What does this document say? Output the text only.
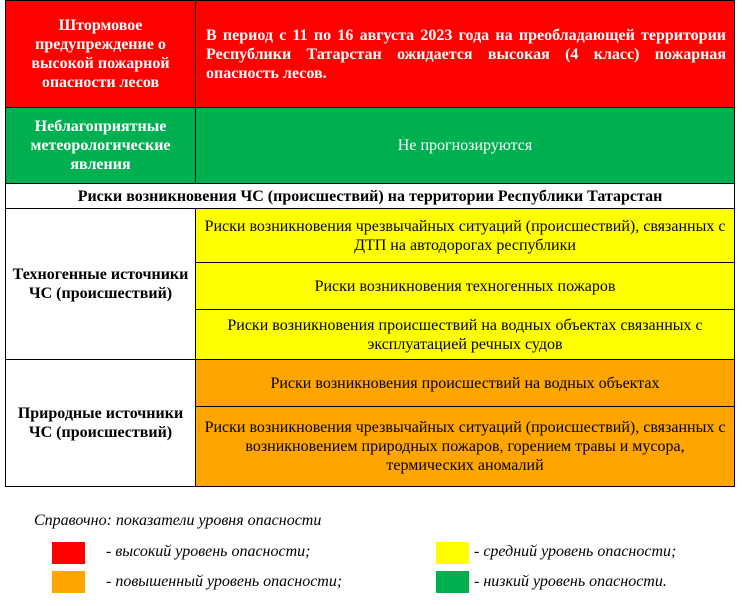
Штормовое предупреждение о высокой пожарной опасности лесов	В период с 11 по 16 августа 2023 года на преобладающей территории Республики Татарстан ожидается высокая (4 класс) пожарная опасность лесов.
Неблагоприятные метеорологические явления	Не прогнозируются
Риски возникновения ЧС (происшествий) на территории Республики Татарстан	
Техногенные источники ЧС (происшествий)	Риски возникновения чрезвычайных ситуаций (происшествий), связанных с ДТП на автодорогах республики
	Риски возникновения техногенных пожаров
	Риски возникновения происшествий на водных объектах связанных с эксплуатацией речных судов
Природные источники ЧС (происшествий)	Риски возникновения происшествий на водных объектах
	Риски возникновения чрезвычайных ситуаций (происшествий), связанных с возникновением природных пожаров, горением травы и мусора, термических аномалий
Справочно: показатели уровня опасности
- высокий уровень опасности;	- средний уровень опасности;
- повышенный уровень опасности;	- низкий уровень опасности.
